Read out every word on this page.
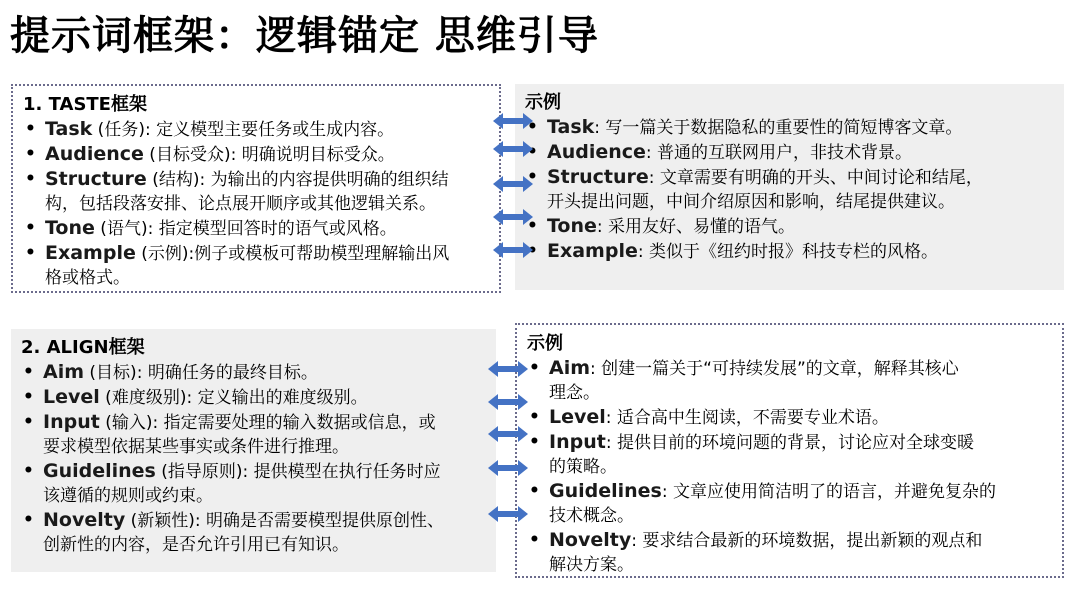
提示词框架：逻辑锚定 思维引导
1. TASTE框架
• Task (任务): 定义模型主要任务或生成内容。
• Audience (目标受众): 明确说明目标受众。
• Structure (结构): 为输出的内容提供明确的组织结
构，包括段落安排、论点展开顺序或其他逻辑关系。
• Tone (语气): 指定模型回答时的语气或风格。
• Example (示例):例子或模板可帮助模型理解输出风
格或格式。
示例
• Task: 写一篇关于数据隐私的重要性的简短博客文章。
• Audience: 普通的互联网用户，非技术背景。
• Structure: 文章需要有明确的开头、中间讨论和结尾，
开头提出问题，中间介绍原因和影响，结尾提供建议。
• Tone: 采用友好、易懂的语气。
• Example: 类似于《纽约时报》科技专栏的风格。
2. ALIGN框架
• Aim (目标): 明确任务的最终目标。
• Level (难度级别): 定义输出的难度级别。
• Input (输入): 指定需要处理的输入数据或信息，或
要求模型依据某些事实或条件进行推理。
• Guidelines (指导原则): 提供模型在执行任务时应
该遵循的规则或约束。
• Novelty (新颖性): 明确是否需要模型提供原创性、
创新性的内容，是否允许引用已有知识。
示例
• Aim: 创建一篇关于“可持续发展”的文章，解释其核心
理念。
• Level: 适合高中生阅读，不需要专业术语。
• Input: 提供目前的环境问题的背景，讨论应对全球变暖
的策略。
• Guidelines: 文章应使用简洁明了的语言，并避免复杂的
技术概念。
• Novelty: 要求结合最新的环境数据，提出新颖的观点和
解决方案。
